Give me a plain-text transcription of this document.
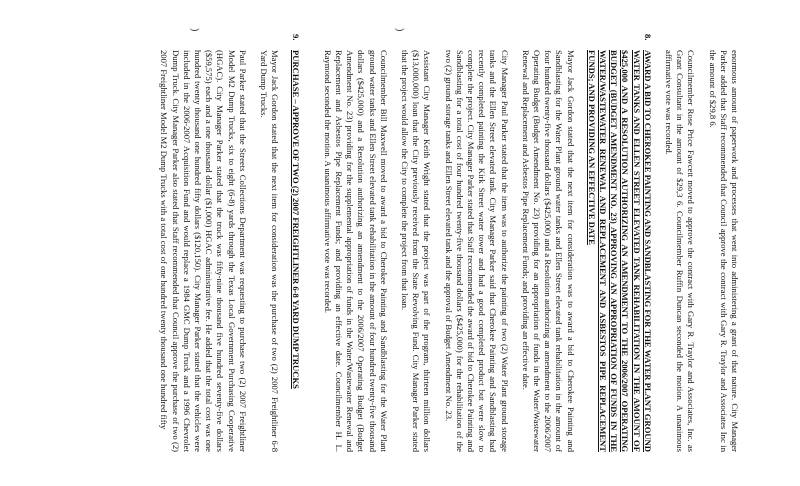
enormous amount of paperwork and processes that went into administering a grant of that nature. City Manager Parker added that Staff recommended that Council approve the contract with Gary R. Traylor and Associates Inc in the amount of $29,8 6.

Councilmember Rose Price Fawcett moved to approve the contract with Gary R. Traylor and Associates, Inc. as Grant Consultant in the amount of $29,3 6. Councilmember Ruffin Duncan seconded the motion. A unanimous affirmative vote was recorded.

8.

AWARD A BID TO CHEROKEE PAINTING AND SANDBLASTING FOR THE WATER PLANT GROUND WATER TANKS AND ELLEN STREET ELEVATED TANK REHABILITATION IN THE AMOUNT OF $425,000 AND A RESOLUTION AUTHORIZING AN AMENDMENT TO THE 2006/2007 OPERATING BUDGET (BUDGET AMENDMENT NO. 23) APPROVING AN APPROPRIATION OF FUNDS IN THE WATER/WASTEWATER RENEWAL AND REPLACEMENT AND ASBESTOS PIPE REPLACEMENT FUNDS; AND PROVIDING AN EFFECTIVE DATE

Mayor Jack Gordon stated that the next item for consideration was to award a bid to Cherokee Painting and Sandblasting for the Water Plant ground water tanks and Ellen Street elevated tank rehabilitation in the amount of four hundred twenty-five thousand dollars ($425,000) and a Resolution authorizing an amendment to the 2006/2007 Operating Budget (Budget Amendment No. 23) providing for an appropriation of funds in the Water/Wastewater Renewal and Replacement and Asbestos Pipe Replacement Funds; and providing an effective date.

City Manager Paul Parker stated that the item was to authorize the painting of two (2) Water Plant ground storage tanks and the Ellen Street elevated tank. City Manager Parker said that Cherokee Painting and Sandblasting had recently completed painting the Kirk Street water tower and had a good completed product but were slow to complete the project. City Manager Parker stated that Staff recommended the award of bid to Cherokee Painting and Sandblasting for a total cost of four hundred twenty-five thousand dollars ($425,000) for the rehabilitation of the two (2) ground storage tanks and Ellen Street elevated tank and the approval of Budget Amendment No. 23.

Assistant City Manager Keith Wright stated that the project was part of the program, thirteen million dollars ($13,000,000) loan that the City previously received from the State Revolving Fund. City Manager Parker stated that the project would allow the City to complete the project from that loan.

Councilmember Bill Maxwell moved to award a bid to Cherokee Painting and Sandblasting for the Water Plant ground water tanks and Ellen Street elevated tank rehabilitation in the amount of four hundred twenty-five thousand dollars ($425,000) and a Resolution authorizing an amendment to the 2006/2007 Operating Budget (Budget Amendment No. 23) providing for the supplemental appropriation of funds in the Water/Wastewater Renewal and Replacement and Asbestos Pipe Replacement Funds; and providing an effective date. Councilmember H. L. Raymond seconded the motion. A unanimous affirmative vote was recorded.

9.

PURCHASE – APPROVE OF TWO (2) 2007 FREIGHTLINER 6-8 YARD DUMP TRUCKS

Mayor Jack Gordon stated that the next item for consideration was the purchase of two (2) 2007 Freightliner 6-8 Yard Dump Trucks.

Paul Parker stated that the Streets Collections Department was requesting to purchase two (2) 2007 Freightliner Model M2 Dump Trucks, six to eight (6-8) yards through the Texas Local Government Purchasing Cooperative (HGAC). City Manager Parker stated that the truck was fifty-nine thousand five hundred seventy-five dollars ($59,575) each and a one thousand dollar ($1,000) HGAC administrative fee. He added that the total cost was one hundred twenty thousand one hundred fifty dollars ($120,150). City Manager Parker stated that the vehicles were included in the 2006-2007 Acquisition Fund and would replace a 1984 GMC Dump Truck and a 1996 Chevrolet Dump Truck. City Manager Parker also stated that Staff recommended that Council approve the purchase of two (2) 2007 Freightliner Model M2 Dump Trucks with a total cost of one hundred twenty thousand one hundred fifty

)
)
